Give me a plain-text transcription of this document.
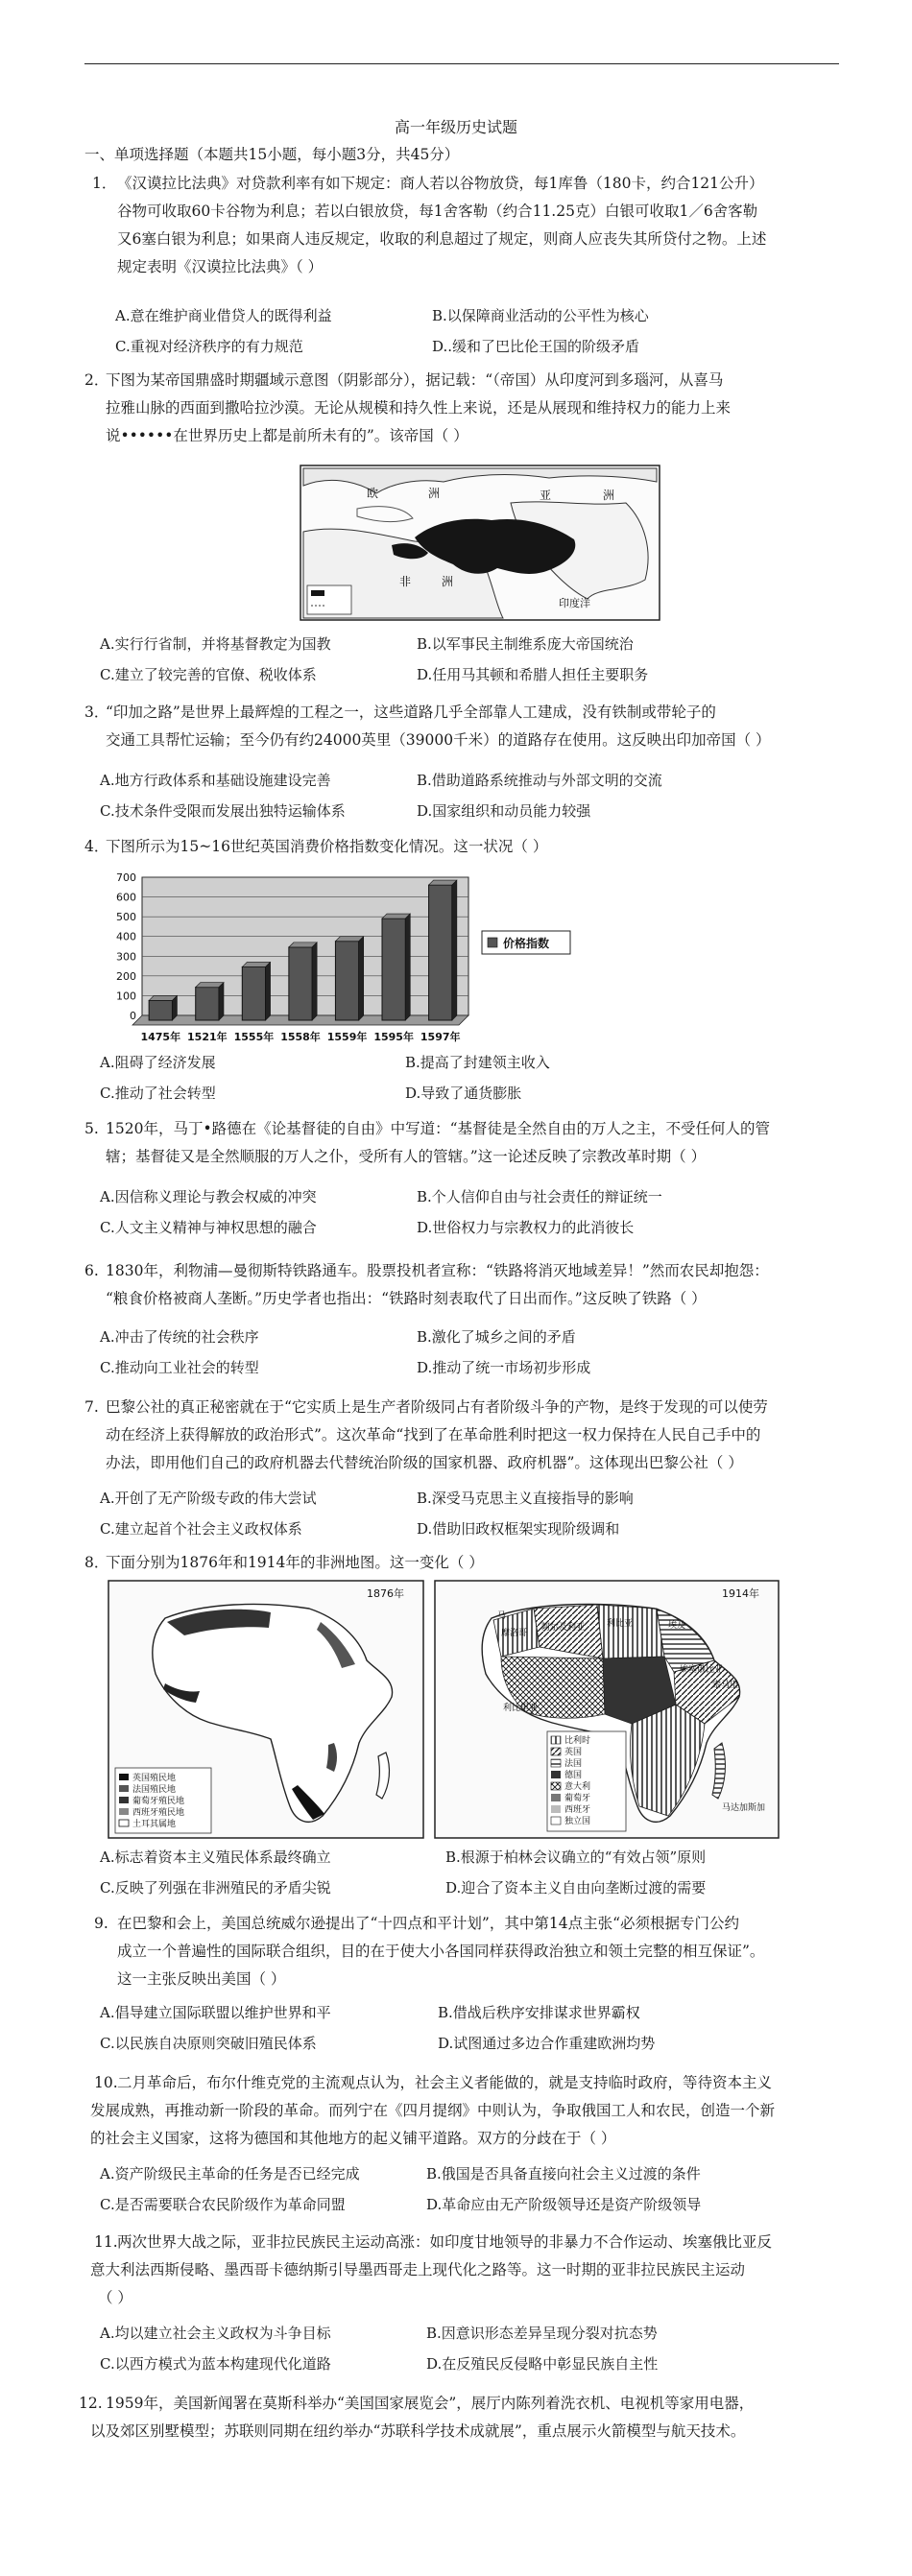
高一年级历史试题
一、单项选择题（本题共15小题，每小题3分，共45分）
1． 《汉谟拉比法典》对贷款利率有如下规定：商人若以谷物放贷，每1库鲁（180卡，约合121公升）
谷物可收取60卡谷物为利息；若以白银放贷，每1舍客勒（约合11.25克）白银可收取1／6舍客勒
又6塞白银为利息；如果商人违反规定，收取的利息超过了规定，则商人应丧失其所贷付之物。上述
规定表明《汉谟拉比法典》（ ）
A.意在维护商业借贷人的既得利益	B.以保障商业活动的公平性为核心
C.重视对经济秩序的有力规范	D..缓和了巴比伦王国的阶级矛盾
2．
下图为某帝国鼎盛时期疆域示意图（阴影部分），据记载：“（帝国）从印度河到多瑙河，从喜马
拉雅山脉的西面到撒哈拉沙漠。无论从规模和持久性上来说，还是从展现和维持权力的能力上来
说••••••在世界历史上都是前所未有的”。该帝国（ ）
欧	洲	亚	洲
非	洲
印度洋
A.实行行省制，并将基督教定为国教	B.以军事民主制维系庞大帝国统治
C.建立了较完善的官僚、税收体系	D.任用马其顿和希腊人担任主要职务
3．
“印加之路”是世界上最辉煌的工程之一，这些道路几乎全部靠人工建成，没有铁制或带轮子的
交通工具帮忙运输；至今仍有约24000英里（39000千米）的道路存在使用。这反映出印加帝国（ ）
A.地方行政体系和基础设施建设完善	B.借助道路系统推动与外部文明的交流
C.技术条件受限而发展出独特运输体系	D.国家组织和动员能力较强
4．
下图所示为15~16世纪英国消费价格指数变化情况。这一状况（ ）
0
100
200
300
400
500
600
700
1475年 1521年 1555年 1558年 1559年 1595年 1597年
价格指数
A.阻碍了经济发展	B.提高了封建领主收入
C.推动了社会转型	D.导致了通货膨胀
5. 1520年，马丁•路德在《论基督徒的自由》中写道：“基督徒是全然自由的万人之主，不受任何人的管
辖；基督徒又是全然顺服的万人之仆，受所有人的管辖。”这一论述反映了宗教改革时期（ ）
A.因信称义理论与教会权威的冲突	B.个人信仰自由与社会责任的辩证统一
C.人文主义精神与神权思想的融合	D.世俗权力与宗教权力的此消彼长
6. 1830年，利物浦—曼彻斯特铁路通车。股票投机者宣称：“铁路将消灭地域差异！”然而农民却抱怨：
“粮食价格被商人垄断。”历史学者也指出：“铁路时刻表取代了日出而作。”这反映了铁路（ ）
A.冲击了传统的社会秩序	B.激化了城乡之间的矛盾
C.推动向工业社会的转型	D.推动了统一市场初步形成
7. 巴黎公社的真正秘密就在于“它实质上是生产者阶级同占有者阶级斗争的产物，是终于发现的可以使劳
动在经济上获得解放的政治形式”。这次革命“找到了在革命胜利时把这一权力保持在人民自己手中的
办法，即用他们自己的政府机器去代替统治阶级的国家机器、政府机器”。这体现出巴黎公社（ ）
A.开创了无产阶级专政的伟大尝试	B.深受马克思主义直接指导的影响
C.建立起首个社会主义政权体系	D.借助旧政权框架实现阶级调和
8．
下面分别为1876年和1914年的非洲地图。这一变化（ ）
1876年
英国殖民地
法国殖民地
葡萄牙殖民地
西班牙殖民地
土耳其属地
1914年
马
摩洛哥
阿尔及利亚	利比亚	埃及
索马里
利比里亚
埃塞俄比亚
马达加斯加
比利时
英国
法国
德国
意大利
葡萄牙
西班牙
独立国
A.标志着资本主义殖民体系最终确立	B.根源于柏林会议确立的“有效占领”原则
C.反映了列强在非洲殖民的矛盾尖锐	D.迎合了资本主义自由向垄断过渡的需要
9. 在巴黎和会上，美国总统威尔逊提出了“十四点和平计划”，其中第14点主张“必须根据专门公约
成立一个普遍性的国际联合组织，目的在于使大小各国同样获得政治独立和领土完整的相互保证”。
这一主张反映出美国（ ）
A.倡导建立国际联盟以维护世界和平	B.借战后秩序安排谋求世界霸权
C.以民族自决原则突破旧殖民体系	D.试图通过多边合作重建欧洲均势
10. 二月革命后，布尔什维克党的主流观点认为，社会主义者能做的，就是支持临时政府，等待资本主义
发展成熟，再推动新一阶段的革命。而列宁在《四月提纲》中则认为，争取俄国工人和农民，创造一个新
的社会主义国家，这将为德国和其他地方的起义铺平道路。双方的分歧在于（ ）
A.资产阶级民主革命的任务是否已经完成	B.俄国是否具备直接向社会主义过渡的条件
C.是否需要联合农民阶级作为革命同盟	D.革命应由无产阶级领导还是资产阶级领导
11. 两次世界大战之际，亚非拉民族民主运动高涨：如印度甘地领导的非暴力不合作运动、埃塞俄比亚反
意大利法西斯侵略、墨西哥卡德纳斯引导墨西哥走上现代化之路等。这一时期的亚非拉民族民主运动
（ ）
A.均以建立社会主义政权为斗争目标	B.因意识形态差异呈现分裂对抗态势
C.以西方模式为蓝本构建现代化道路	D.在反殖民反侵略中彰显民族自主性
12. 1959年，美国新闻署在莫斯科举办“美国国家展览会”，展厅内陈列着洗衣机、电视机等家用电器，
以及郊区别墅模型；苏联则同期在纽约举办“苏联科学技术成就展”，重点展示火箭模型与航天技术。
